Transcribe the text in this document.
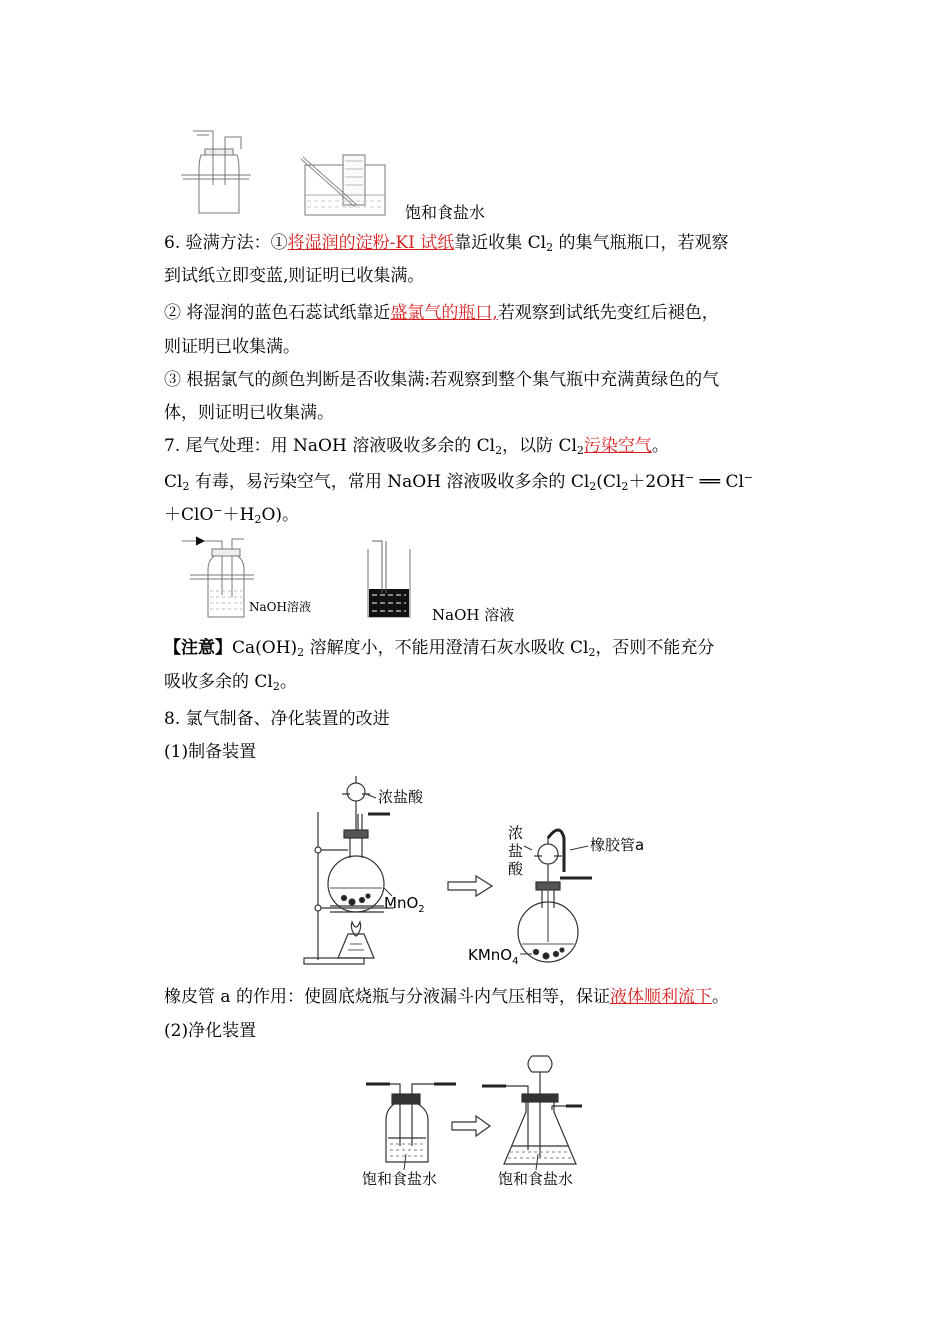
饱和食盐水
6. 验满方法：①将湿润的淀粉-KI 试纸靠近收集 $Cl_2$ 的集气瓶瓶口，若观察
到试纸立即变蓝,则证明已收集满。
② 将湿润的蓝色石蕊试纸靠近盛氯气的瓶口,若观察到试纸先变红后褪色，
则证明已收集满。
③ 根据氯气的颜色判断是否收集满:若观察到整个集气瓶中充满黄绿色的气
体，则证明已收集满。
7. 尾气处理：用 NaOH 溶液吸收多余的 $Cl_2$，以防 $Cl_2$污染空气。
$Cl_2$ 有毒，易污染空气，常用 NaOH 溶液吸收多余的 $Cl_2(Cl_2+2OH^-$ ══ Cl−
$+ClO^-+H_2O$)。
NaOH溶液	NaOH 溶液
【注意】$Ca(OH)_2$ 溶解度小，不能用澄清石灰水吸收 $Cl_2$，否则不能充分
吸收多余的 $Cl_2$。
8. 氯气制备、净化装置的改进
(1)制备装置
浓盐酸
MnO$_2$
浓
盐
酸
橡胶管a
KMnO$_4$
橡皮管 a 的作用：使圆底烧瓶与分液漏斗内气压相等，保证液体顺利流下。
(2)净化装置
饱和食盐水	饱和食盐水
